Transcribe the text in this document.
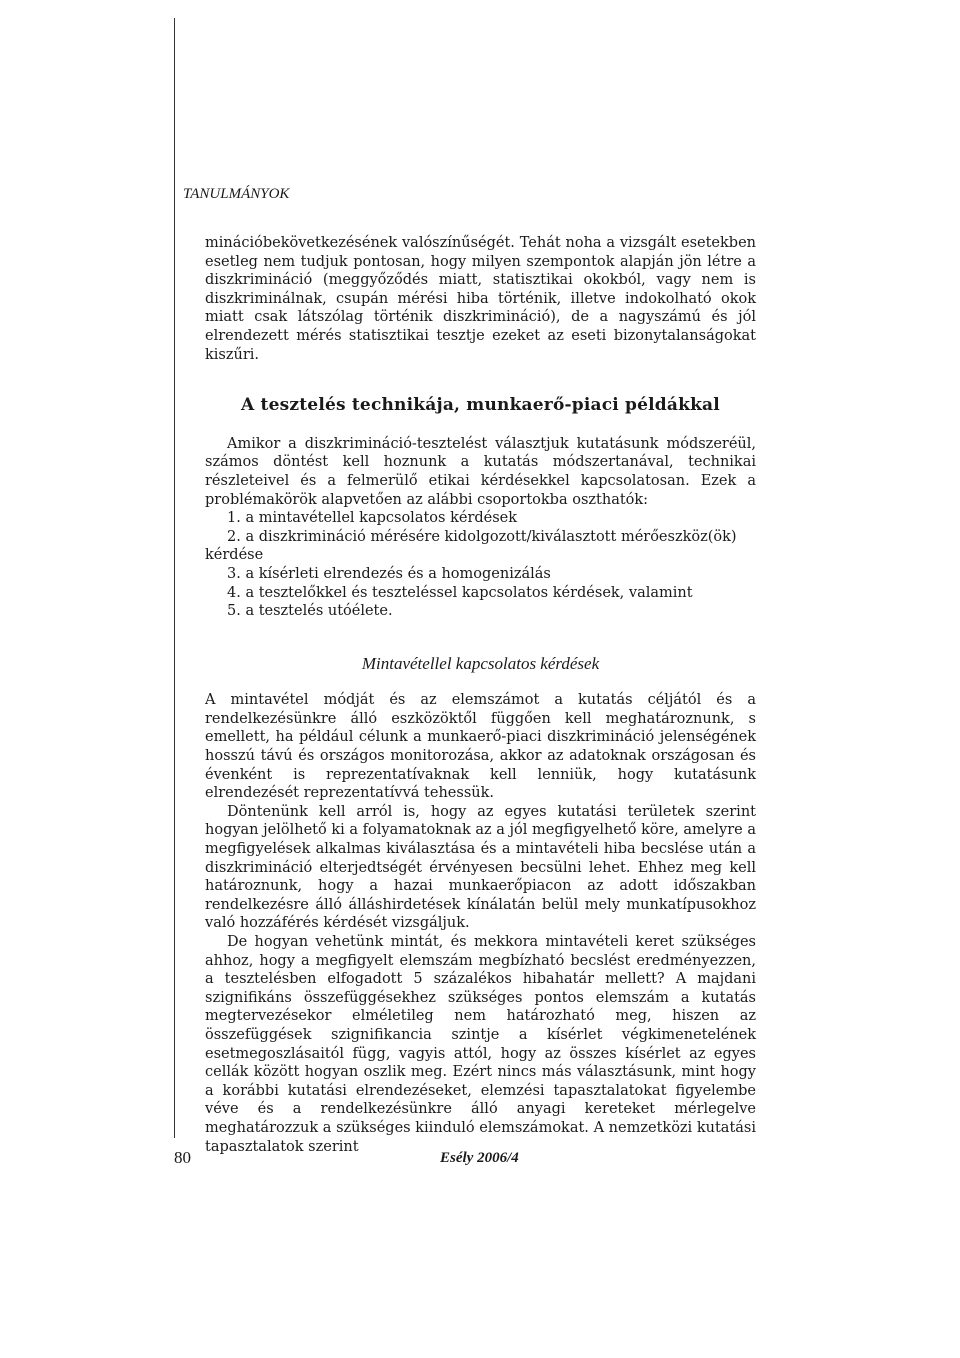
TANULMÁNYOK

minációbekövetkezésének valószínűségét. Tehát noha a vizsgált esetekben esetleg nem tudjuk pontosan, hogy milyen szempontok alapján jön létre a diszkrimináció (meggyőződés miatt, statisztikai okokból, vagy nem is diszkriminálnak, csupán mérési hiba történik, illetve indokolható okok miatt csak látszólag történik diszkrimináció), de a nagyszámú és jól elrendezett mérés statisztikai tesztje ezeket az eseti bizonytalanságokat kiszűri.

A tesztelés technikája, munkaerő-piaci példákkal

Amikor a diszkrimináció-tesztelést választjuk kutatásunk módszeréül, számos döntést kell hoznunk a kutatás módszertanával, technikai részleteivel és a felmerülő etikai kérdésekkel kapcsolatosan. Ezek a problémakörök alapvetően az alábbi csoportokba oszthatók:

1. a mintavétellel kapcsolatos kérdések
2. a diszkrimináció mérésére kidolgozott/kiválasztott mérőeszköz(ök) kérdése
3. a kísérleti elrendezés és a homogenizálás
4. a tesztelőkkel és teszteléssel kapcsolatos kérdések, valamint
5. a tesztelés utóélete.
Mintavétellel kapcsolatos kérdések

A mintavétel módját és az elemszámot a kutatás céljától és a rendelkezésünkre álló eszközöktől függően kell meghatároznunk, s emellett, ha például célunk a munkaerő-piaci diszkrimináció jelenségének hosszú távú és országos monitorozása, akkor az adatoknak országosan és évenként is reprezentatívaknak kell lenniük, hogy kutatásunk elrendezését reprezentatívvá tehessük.

Döntenünk kell arról is, hogy az egyes kutatási területek szerint hogyan jelölhető ki a folyamatoknak az a jól megfigyelhető köre, amelyre a megfigyelések alkalmas kiválasztása és a mintavételi hiba becslése után a diszkrimináció elterjedtségét érvényesen becsülni lehet. Ehhez meg kell határoznunk, hogy a hazai munkaerőpiacon az adott időszakban rendelkezésre álló álláshirdetések kínálatán belül mely munkatípusokhoz való hozzáférés kérdését vizsgáljuk.

De hogyan vehetünk mintát, és mekkora mintavételi keret szükséges ahhoz, hogy a megfigyelt elemszám megbízható becslést eredményezzen, a tesztelésben elfogadott 5 százalékos hibahatár mellett? A majdani szignifikáns összefüggésekhez szükséges pontos elemszám a kutatás megtervezésekor elméletileg nem határozható meg, hiszen az összefüggések szignifikancia szintje a kísérlet végkimenetelének esetmegoszlásaitól függ, vagyis attól, hogy az összes kísérlet az egyes cellák között hogyan oszlik meg. Ezért nincs más választásunk, mint hogy a korábbi kutatási elrendezéseket, elemzési tapasztalatokat figyelembe véve és a rendelkezésünkre álló anyagi kereteket mérlegelve meghatározzuk a szükséges kiinduló elemszámokat. A nemzetközi kutatási tapasztalatok szerint

80	Esély 2006/4
